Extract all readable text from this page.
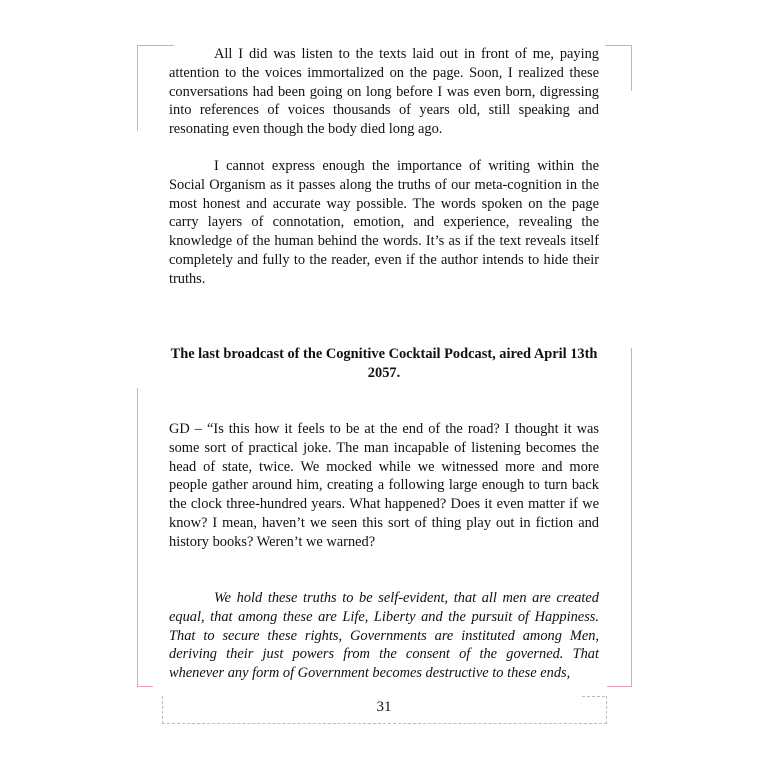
All I did was listen to the texts laid out in front of me, paying attention to the voices immortalized on the page. Soon, I realized these conversations had been going on long before I was even born, digressing into references of voices thousands of years old, still speaking and resonating even though the body died long ago.

I cannot express enough the importance of writing within the Social Organism as it passes along the truths of our meta-cognition in the most honest and accurate way possible. The words spoken on the page carry layers of connotation, emotion, and experience, revealing the knowledge of the human behind the words. It’s as if the text reveals itself completely and fully to the reader, even if the author intends to hide their truths.

The last broadcast of the Cognitive Cocktail Podcast, aired April 13th 2057.

GD – “Is this how it feels to be at the end of the road? I thought it was some sort of practical joke. The man incapable of listening becomes the head of state, twice. We mocked while we witnessed more and more people gather around him, creating a following large enough to turn back the clock three-hundred years. What happened? Does it even matter if we know? I mean, haven’t we seen this sort of thing play out in fiction and history books? Weren’t we warned?

We hold these truths to be self-evident, that all men are created equal, that among these are Life, Liberty and the pursuit of Happiness. That to secure these rights, Governments are instituted among Men, deriving their just powers from the consent of the governed. That whenever any form of Government becomes destructive to these ends,

31
